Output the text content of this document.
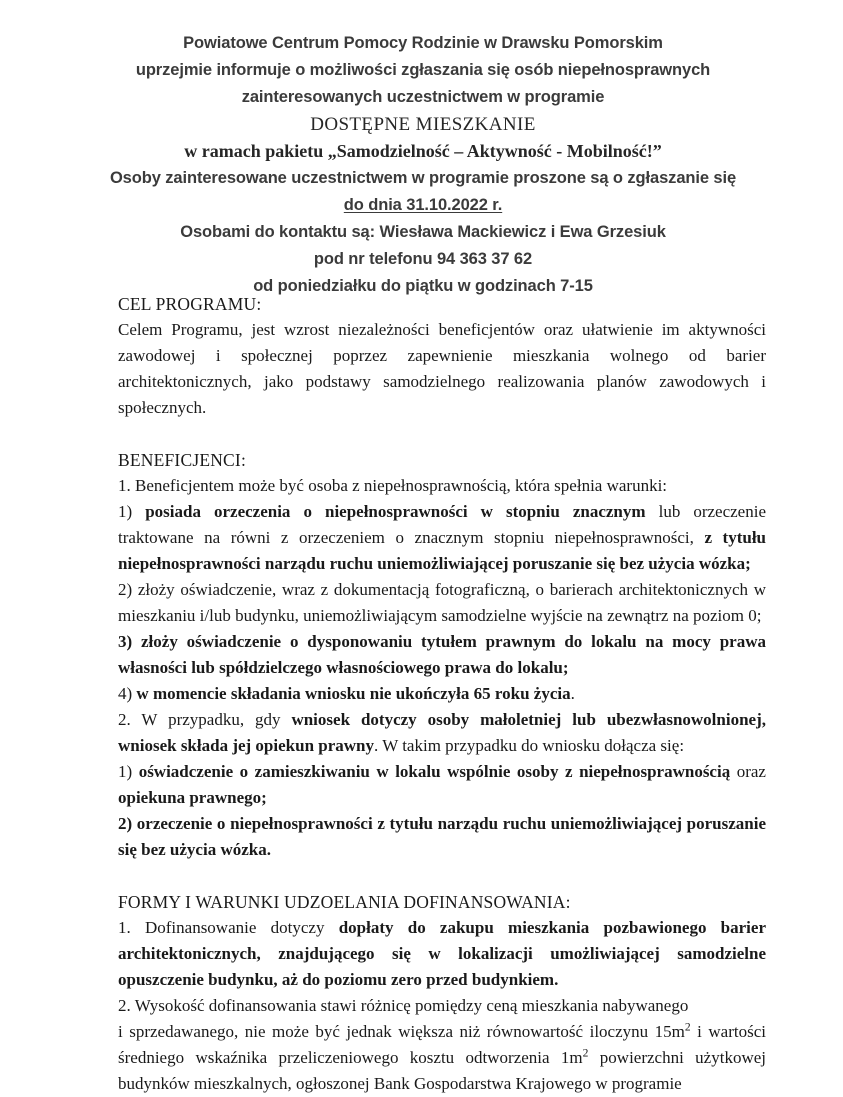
Powiatowe Centrum Pomocy Rodzinie w Drawsku Pomorskim
uprzejmie informuje o możliwości zgłaszania się osób niepełnosprawnych
zainteresowanych uczestnictwem w programie
DOSTĘPNE MIESZKANIE
w ramach pakietu „Samodzielność – Aktywność - Mobilność!”
Osoby zainteresowane uczestnictwem w programie proszone są o zgłaszanie się
do dnia 31.10.2022 r.
Osobami do kontaktu są: Wiesława Mackiewicz i Ewa Grzesiuk
pod nr telefonu 94 363 37 62
od poniedziałku do piątku w godzinach 7-15
CEL PROGRAMU:

Celem Programu, jest wzrost niezależności beneficjentów oraz ułatwienie im aktywności zawodowej i społecznej poprzez zapewnienie mieszkania wolnego od barier architektonicznych, jako podstawy samodzielnego realizowania planów zawodowych i społecznych.

BENEFICJENCI:

1. Beneficjentem może być osoba z niepełnosprawnością, która spełnia warunki:

1) posiada orzeczenia o niepełnosprawności w stopniu znacznym lub orzeczenie traktowane na równi z orzeczeniem o znacznym stopniu niepełnosprawności, z tytułu niepełnosprawności narządu ruchu uniemożliwiającej poruszanie się bez użycia wózka;

2) złoży oświadczenie, wraz z dokumentacją fotograficzną, o barierach architektonicznych w mieszkaniu i/lub budynku, uniemożliwiającym samodzielne wyjście na zewnątrz na poziom 0;

3) złoży oświadczenie o dysponowaniu tytułem prawnym do lokalu na mocy prawa własności lub spółdzielczego własnościowego prawa do lokalu;

4) w momencie składania wniosku nie ukończyła 65 roku życia.

2. W przypadku, gdy wniosek dotyczy osoby małoletniej lub ubezwłasnowolnionej, wniosek składa jej opiekun prawny. W takim przypadku do wniosku dołącza się:

1) oświadczenie o zamieszkiwaniu w lokalu wspólnie osoby z niepełnosprawnością oraz opiekuna prawnego;

2) orzeczenie o niepełnosprawności z tytułu narządu ruchu uniemożliwiającej poruszanie się bez użycia wózka.

FORMY I WARUNKI UDZOELANIA DOFINANSOWANIA:

1. Dofinansowanie dotyczy dopłaty do zakupu mieszkania pozbawionego barier architektonicznych, znajdującego się w lokalizacji umożliwiającej samodzielne opuszczenie budynku, aż do poziomu zero przed budynkiem.

2. Wysokość dofinansowania stawi różnicę pomiędzy ceną mieszkania nabywanego

i sprzedawanego, nie może być jednak większa niż równowartość iloczynu $15m^2$ i wartości średniego wskaźnika przeliczeniowego kosztu odtworzenia $1m^2$ powierzchni użytkowej budynków mieszkalnych, ogłoszonej Bank Gospodarstwa Krajowego w programie
